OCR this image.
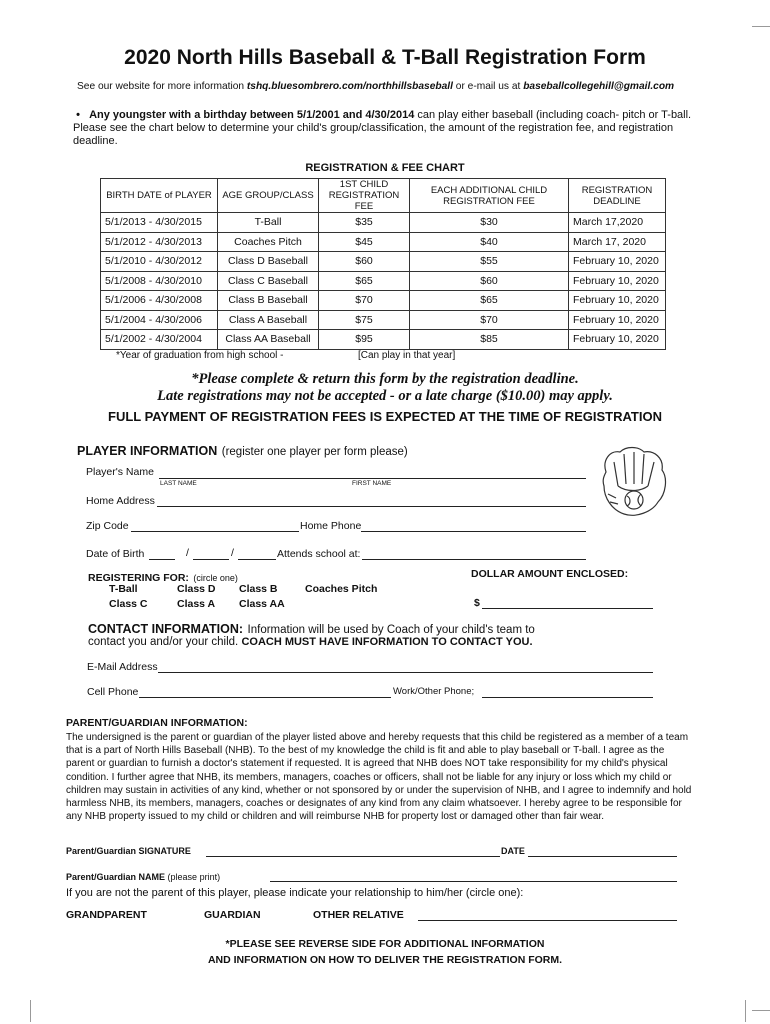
2020 North Hills Baseball & T-Ball Registration Form
See our website for more information tshq.bluesombrero.com/northhillsbaseball or e-mail us at baseballcollegehill@gmail.com
• Any youngster with a birthday between 5/1/2001 and 4/30/2014 can play either baseball (including coach- pitch or T-ball. Please see the chart below to determine your child's group/classification, the amount of the registration fee, and registration deadline.
REGISTRATION & FEE CHART
BIRTH DATE of PLAYER	AGE GROUP/CLASS	1ST CHILD REGISTRATION FEE	EACH ADDITIONAL CHILD REGISTRATION FEE	REGISTRATION DEADLINE
5/1/2013 - 4/30/2015	T-Ball	$35	$30	March 17,2020
5/1/2012 - 4/30/2013	Coaches Pitch	$45	$40	March 17, 2020
5/1/2010 - 4/30/2012	Class D Baseball	$60	$55	February 10, 2020
5/1/2008 - 4/30/2010	Class C Baseball	$65	$60	February 10, 2020
5/1/2006 - 4/30/2008	Class B Baseball	$70	$65	February 10, 2020
5/1/2004 - 4/30/2006	Class A Baseball	$75	$70	February 10, 2020
5/1/2002 - 4/30/2004	Class AA Baseball	$95	$85	February 10, 2020
*Year of graduation from high school -	[Can play in that year]
*Please complete & return this form by the registration deadline.
Late registrations may not be accepted - or a late charge ($10.00) may apply.
FULL PAYMENT OF REGISTRATION FEES IS EXPECTED AT THE TIME OF REGISTRATION
PLAYER INFORMATION (register one player per form please)
Player's Name
LAST NAME	FIRST NAME
Home Address
Zip Code	Home Phone
Date of Birth	/	/	Attends school at:
REGISTERING FOR: (circle one)
T-Ball	Class D Class B	Coaches Pitch
Class C	Class A Class AA
DOLLAR AMOUNT ENCLOSED:
$
CONTACT INFORMATION: Information will be used by Coach of your child's team to
contact you and/or your child. COACH MUST HAVE INFORMATION TO CONTACT YOU.
E-Mail Address
Cell Phone	Work/Other Phone;
PARENT/GUARDIAN INFORMATION:
The undersigned is the parent or guardian of the player listed above and hereby requests that this child be registered as a member of a team that is a part of North Hills Baseball (NHB). To the best of my knowledge the child is fit and able to play baseball or T-ball. I agree as the parent or guardian to furnish a doctor's statement if requested. It is agreed that NHB does NOT take responsibility for my child's physical condition. I further agree that NHB, its members, managers, coaches or officers, shall not be liable for any injury or loss which my child or children may sustain in activities of any kind, whether or not sponsored by or under the supervision of NHB, and I agree to indemnify and hold harmless NHB, its members, managers, coaches or designates of any kind from any claim whatsoever. I hereby agree to be responsible for any NHB property issued to my child or children and will reimburse NHB for property lost or damaged other than fair wear.
Parent/Guardian SIGNATURE	DATE
Parent/Guardian NAME (please print)
If you are not the parent of this player, please indicate your relationship to him/her (circle one):
GRANDPARENT	GUARDIAN	OTHER RELATIVE
*PLEASE SEE REVERSE SIDE FOR ADDITIONAL INFORMATION
AND INFORMATION ON HOW TO DELIVER THE REGISTRATION FORM.
